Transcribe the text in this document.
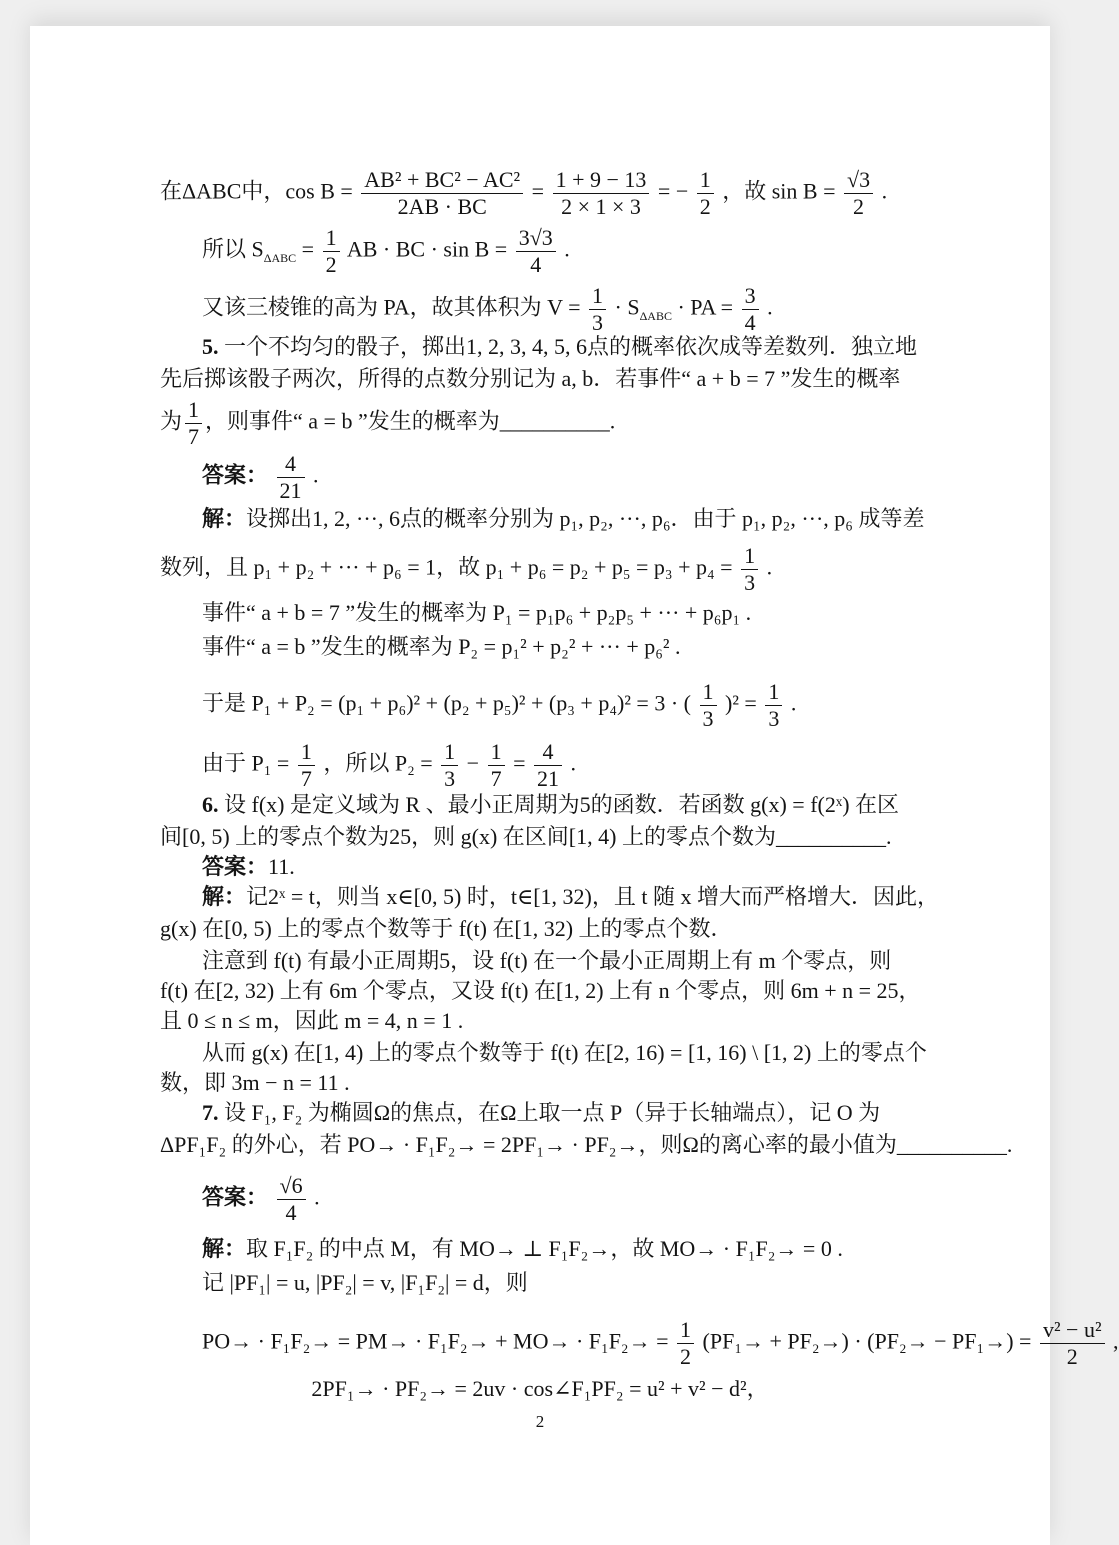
在ΔABC中，$\cos B = \frac{\text{AB² + BC² − AC²}}{2AB \cdot BC} = \frac{1 + 9 - 13}{2 \times 1 \times 3}$ = − $\frac{1}{2}$ ，故 $\sin B = \frac{√3}{2}$ .
所以 $S_{\Delta ABC} = \frac{1}{2}$ AB · BC · $\sin B = \frac{3√3}{4}$ .
又该三棱锥的高为 PA，故其体积为 $V = \frac{1}{3} \cdot S_{\Delta ABC}$ · PA = $\frac{3}{4}$ .
5. 一个不均匀的骰子，掷出1, 2, 3, 4, 5, 6点的概率依次成等差数列．独立地
先后掷该骰子两次，所得的点数分别记为 a, b．若事件“ a + b = 7 ”发生的概率
为 $\frac{1}{7}$ ，则事件“ a = b ”发生的概率为__________.
答案： $\frac{4}{21}$ .
解：设掷出1, 2, ···, 6点的概率分别为 p₁, p₂, ···, p₆．由于 p₁, p₂, ···, p₆ 成等差
数列，且 p₁ + p₂ + ··· + p₆ = 1，故 $p_1 + p_6 = p_2 + p_5 = p_3 + p_4 = \frac{1}{3}$ .
事件“ a + b = 7 ”发生的概率为 P₁ = p₁p₆ + p₂p₅ + ··· + p₆p₁ .
事件“ a = b ”发生的概率为 P₂ = p₁² + p₂² + ··· + p₆² .
于是 P₁ + P₂ = (p₁ + p₆)² + (p₂ + p₅)² + (p₃ + p₄)² = 3 · ( $\frac{1}{3} )^2 = \frac{1}{3}$ .
由于 $P_1 = \frac{1}{7}$ ，所以 $P_2 = \frac{1}{3} - \frac{1}{7} = \frac{4}{21}$ .
6. 设 f(x) 是定义域为 R 、最小正周期为5的函数．若函数 g(x) = f(2ˣ) 在区
间[0, 5) 上的零点个数为25，则 g(x) 在区间[1, 4) 上的零点个数为__________.
答案：11.
解：记2ˣ = t，则当 x∈[0, 5) 时，t∈[1, 32)，且 t 随 x 增大而严格增大．因此，
g(x) 在[0, 5) 上的零点个数等于 f(t) 在[1, 32) 上的零点个数．
注意到 f(t) 有最小正周期5，设 f(t) 在一个最小正周期上有 m 个零点，则
f(t) 在[2, 32) 上有 6m 个零点，又设 f(t) 在[1, 2) 上有 n 个零点，则 6m + n = 25，
且 0 ≤ n ≤ m，因此 m = 4, n = 1 .
从而 g(x) 在[1, 4) 上的零点个数等于 f(t) 在[2, 16) = [1, 16) \ [1, 2) 上的零点个
数，即 3m − n = 11 .
7. 设 F₁, F₂ 为椭圆Ω的焦点，在Ω上取一点 P（异于长轴端点），记 O 为
ΔPF₁F₂ 的外心，若 PO→ · F₁F₂→ = 2PF₁→ · PF₂→，则Ω的离心率的最小值为__________.
答案： $\frac{√6}{4}$ .
解：取 F₁F₂ 的中点 M，有 MO→ ⊥ F₁F₂→，故 MO→ · F₁F₂→ = 0 .
记 |PF₁| = u, |PF₂| = v, |F₁F₂| = d，则
$PO\to \cdot F_1F_2\to = PM\to \cdot F_1F_2\to + MO\to \cdot F_1F_2\to = \frac{1}{2} (PF_1\to + PF_2\to) \cdot (PF_2\to - PF_1\to) = \frac{\text{v² − u²}}{2}$ ,
2PF₁→ · PF₂→ = 2uv · cos∠F₁PF₂ = u² + v² − d²，
2
